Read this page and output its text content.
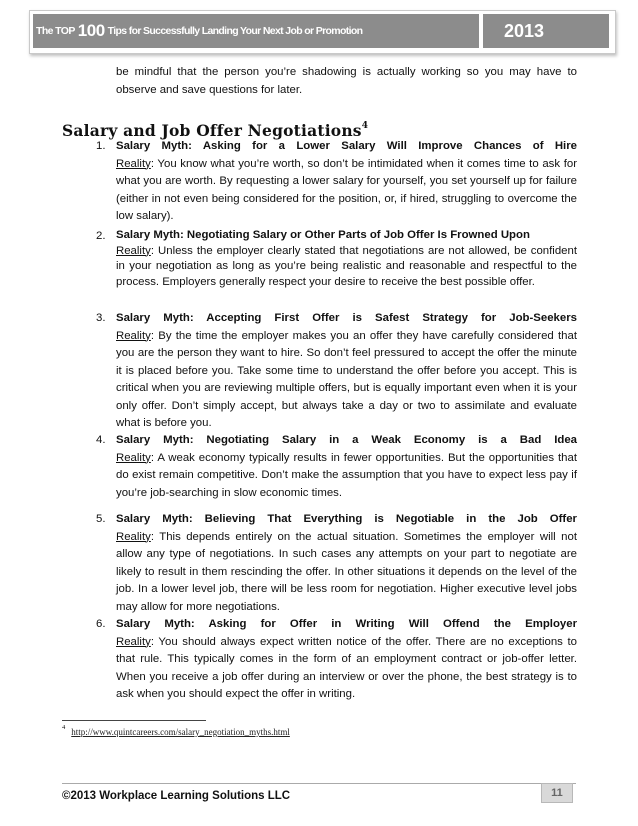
The TOP 100 Tips for Successfully Landing Your Next Job or Promotion	2013
be mindful that the person you’re shadowing is actually working so you may have to observe and save questions for later.
Salary and Job Offer Negotiations$^4$
1. Salary Myth: Asking for a Lower Salary Will Improve Chances of Hire
Reality: You know what you’re worth, so don’t be intimidated when it comes time to ask for what you are worth. By requesting a lower salary for yourself, you set yourself up for failure (either in not even being considered for the position, or, if hired, struggling to overcome the low salary).
2. Salary Myth: Negotiating Salary or Other Parts of Job Offer Is Frowned Upon
Reality: Unless the employer clearly stated that negotiations are not allowed, be confident in your negotiation as long as you’re being realistic and reasonable and respectful to the process. Employers generally respect your desire to receive the best possible offer.
3. Salary Myth: Accepting First Offer is Safest Strategy for Job-Seekers
Reality: By the time the employer makes you an offer they have carefully considered that you are the person they want to hire. So don’t feel pressured to accept the offer the minute it is placed before you. Take some time to understand the offer before you accept. This is critical when you are reviewing multiple offers, but is equally important even when it is your only offer. Don’t simply accept, but always take a day or two to assimilate and evaluate what is before you.
4. Salary Myth: Negotiating Salary in a Weak Economy is a Bad Idea
Reality: A weak economy typically results in fewer opportunities. But the opportunities that do exist remain competitive. Don’t make the assumption that you have to expect less pay if you’re job-searching in slow economic times.
5. Salary Myth: Believing That Everything is Negotiable in the Job Offer
Reality: This depends entirely on the actual situation. Sometimes the employer will not allow any type of negotiations. In such cases any attempts on your part to negotiate are likely to result in them rescinding the offer. In other situations it depends on the level of the job. In a lower level job, there will be less room for negotiation. Higher executive level jobs may allow for more negotiations.
6. Salary Myth: Asking for Offer in Writing Will Offend the Employer
Reality: You should always expect written notice of the offer. There are no exceptions to that rule. This typically comes in the form of an employment contract or job-offer letter. When you receive a job offer during an interview or over the phone, the best strategy is to ask when you should expect the offer in writing.
$^4$ http://www.quintcareers.com/salary_negotiation_myths.html
©2013 Workplace Learning Solutions LLC	11
